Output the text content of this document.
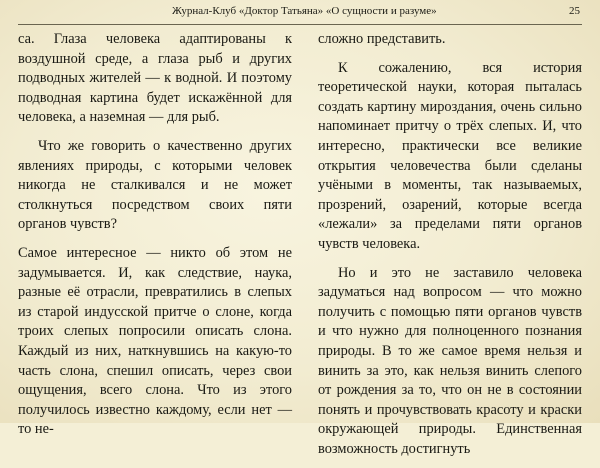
Журнал-Клуб «Доктор Татьяна» «О сущности и разуме»	25

са. Глаза человека адаптированы к воздушной среде, а глаза рыб и других подводных жителей — к водной. И поэтому подводная картина будет искажённой для человека, а наземная — для рыб.

Что же говорить о качественно других явлениях природы, с которыми человек никогда не сталкивался и не может столкнуться посредством своих пяти органов чувств?

Самое интересное — никто об этом не задумывается. И, как следствие, наука, разные её отрасли, превратились в слепых из старой индусской притче о слоне, когда троих слепых попросили описать слона. Каждый из них, наткнувшись на какую-то часть слона, спешил описать, через свои ощущения, всего слона. Что из этого получилось известно каждому, если нет — то не-

сложно представить.

К сожалению, вся история теоретической науки, которая пыталась создать картину мироздания, очень сильно напоминает притчу о трёх слепых. И, что интересно, практически все великие открытия человечества были сделаны учёными в моменты, так называемых, прозрений, озарений, которые всегда «лежали» за пределами пяти органов чувств человека.

Но и это не заставило человека задуматься над вопросом — что можно получить с помощью пяти органов чувств и что нужно для полноценного познания природы. В то же самое время нельзя и винить за это, как нельзя винить слепого от рождения за то, что он не в состоянии понять и прочувствовать красоту и краски окружающей природы. Единственная возможность достигнуть
